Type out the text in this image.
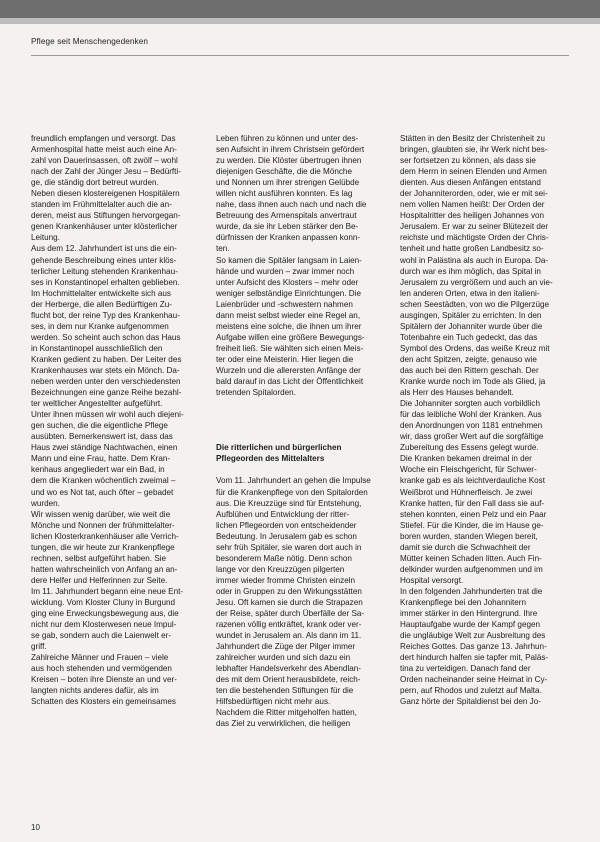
Pflege seit Menschengedenken

freundlich empfangen und versorgt. Das

Armenhospital hatte meist auch eine An-

zahl von Dauerinsassen, oft zwölf – wohl

nach der Zahl der Jünger Jesu – Bedürfti-

ge, die ständig dort betreut wurden.

Neben diesen klostereigenen Hospitälern

standen im Frühmittelalter auch die an-

deren, meist aus Stiftungen hervorgegan-

genen Krankenhäuser unter klösterlicher

Leitung.

Aus dem 12. Jahrhundert ist uns die ein-

gehende Beschreibung eines unter klös-

terlicher Leitung stehenden Krankenhau-

ses in Konstantinopel erhalten geblieben.

Im Hochmittelalter entwickelte sich aus

der Herberge, die allen Bedürftigen Zu-

flucht bot, der reine Typ des Krankenhau-

ses, in dem nur Kranke aufgenommen

werden. So scheint auch schon das Haus

in Konstantinopel ausschließlich den

Kranken gedient zu haben. Der Leiter des

Krankenhauses war stets ein Mönch. Da-

neben werden unter den verschiedensten

Bezeichnungen eine ganze Reihe bezahl-

ter weltlicher Angestellter aufgeführt.

Unter ihnen müssen wir wohl auch diejeni-

gen suchen, die die eigentliche Pflege

ausübten. Bemerkenswert ist, dass das

Haus zwei ständige Nachtwachen, einen

Mann und eine Frau, hatte. Dem Kran-

kenhaus angegliedert war ein Bad, in

dem die Kranken wöchentlich zweimal –

und wo es Not tat, auch öfter – gebadet

wurden.

Wir wissen wenig darüber, wie weit die

Mönche und Nonnen der frühmittelalter-

lichen Klosterkrankenhäuser alle Verrich-

tungen, die wir heute zur Krankenpflege

rechnen, selbst aufgeführt haben. Sie

hatten wahrscheinlich von Anfang an an-

dere Helfer und Helferinnen zur Seite.

Im 11. Jahrhundert begann eine neue Ent-

wicklung. Vom Kloster Cluny in Burgund

ging eine Erweckungsbewegung aus, die

nicht nur dem Klosterwesen neue Impul-

se gab, sondern auch die Laienwelt er-

griff.

Zahlreiche Männer und Frauen – viele

aus hoch stehenden und vermögenden

Kreisen – boten ihre Dienste an und ver-

langten nichts anderes dafür, als im

Schatten des Klosters ein gemeinsames

Leben führen zu können und unter des-

sen Aufsicht in ihrem Christsein gefördert

zu werden. Die Klöster übertrugen ihnen

diejenigen Geschäfte, die die Mönche

und Nonnen um ihrer strengen Gelübde

willen nicht ausführen konnten. Es lag

nahe, dass ihnen auch nach und nach die

Betreuung des Armenspitals anvertraut

wurde, da sie ihr Leben stärker den Be-

dürfnissen der Kranken anpassen konn-

ten.

So kamen die Spitäler langsam in Laien-

hände und wurden – zwar immer noch

unter Aufsicht des Klosters – mehr oder

weniger selbständige Einrichtungen. Die

Laienbrüder und -schwestern nahmen

dann meist selbst wieder eine Regel an,

meistens eine solche, die ihnen um ihrer

Aufgabe willen eine größere Bewegungs-

freiheit ließ. Sie wählten sich einen Meis-

ter oder eine Meisterin. Hier liegen die

Wurzeln und die allerersten Anfänge der

bald darauf in das Licht der Öffentlichkeit

tretenden Spitalorden.

Die ritterlichen und bürgerlichen

Pflegeorden des Mittelalters

Vom 11. Jahrhundert an gehen die Impulse

für die Krankenpflege von den Spitalorden

aus. Die Kreuzzüge sind für Entstehung,

Aufblühen und Entwicklung der ritter-

lichen Pflegeorden von entscheidender

Bedeutung. In Jerusalem gab es schon

sehr früh Spitäler, sie waren dort auch in

besonderem Maße nötig. Denn schon

lange vor den Kreuzzügen pilgerten

immer wieder fromme Christen einzeln

oder in Gruppen zu den Wirkungsstätten

Jesu. Oft kamen sie durch die Strapazen

der Reise, später durch Überfälle der Sa-

razenen völlig entkräftet, krank oder ver-

wundet in Jerusalem an. Als dann im 11.

Jahrhundert die Züge der Pilger immer

zahlreicher wurden und sich dazu ein

lebhafter Handelsverkehr des Abendlan-

des mit dem Orient herausbildete, reich-

ten die bestehenden Stiftungen für die

Hilfsbedürftigen nicht mehr aus.

Nachdem die Ritter mitgeholfen hatten,

das Ziel zu verwirklichen, die heiligen

Stätten in den Besitz der Christenheit zu

bringen, glaubten sie, ihr Werk nicht bes-

ser fortsetzen zu können, als dass sie

dem Herrn in seinen Elenden und Armen

dienten. Aus diesen Anfängen entstand

der Johanniterorden, oder, wie er mit sei-

nem vollen Namen heißt: Der Orden der

Hospitalritter des heiligen Johannes von

Jerusalem. Er war zu seiner Blütezeit der

reichste und mächtigste Orden der Chris-

tenheit und hatte großen Landbesitz so-

wohl in Palästina als auch in Europa. Da-

durch war es ihm möglich, das Spital in

Jerusalem zu vergrößern und auch an vie-

len anderen Orten, etwa in den italieni-

schen Seestädten, von wo die Pilgerzüge

ausgingen, Spitäler zu errichten. In den

Spitälern der Johanniter wurde über die

Totenbahre ein Tuch gedeckt, das das

Symbol des Ordens, das weiße Kreuz mit

den acht Spitzen, zeigte, genauso wie

das auch bei den Rittern geschah. Der

Kranke wurde noch im Tode als Glied, ja

als Herr des Hauses behandelt.

Die Johanniter sorgten auch vorbildlich

für das leibliche Wohl der Kranken. Aus

den Anordnungen von 1181 entnehmen

wir, dass großer Wert auf die sorgfältige

Zubereitung des Essens gelegt wurde.

Die Kranken bekamen dreimal in der

Woche ein Fleischgericht, für Schwer-

kranke gab es als leichtverdauliche Kost

Weißbrot und Hühnerfleisch. Je zwei

Kranke hatten, für den Fall dass sie auf-

stehen konnten, einen Pelz und ein Paar

Stiefel. Für die Kinder, die im Hause ge-

boren wurden, standen Wiegen bereit,

damit sie durch die Schwachheit der

Mütter keinen Schaden litten. Auch Fin-

delkinder wurden aufgenommen und im

Hospital versorgt.

In den folgenden Jahrhunderten trat die

Krankenpflege bei den Johannitern

immer stärker in den Hintergrund. Ihre

Hauptaufgabe wurde der Kampf gegen

die ungläubige Welt zur Ausbreitung des

Reiches Gottes. Das ganze 13. Jahrhun-

dert hindurch halfen sie tapfer mit, Paläs-

tina zu verteidigen. Danach fand der

Orden nacheinander seine Heimat in Cy-

pern, auf Rhodos und zuletzt auf Malta.

Ganz hörte der Spitaldienst bei den Jo-

10
